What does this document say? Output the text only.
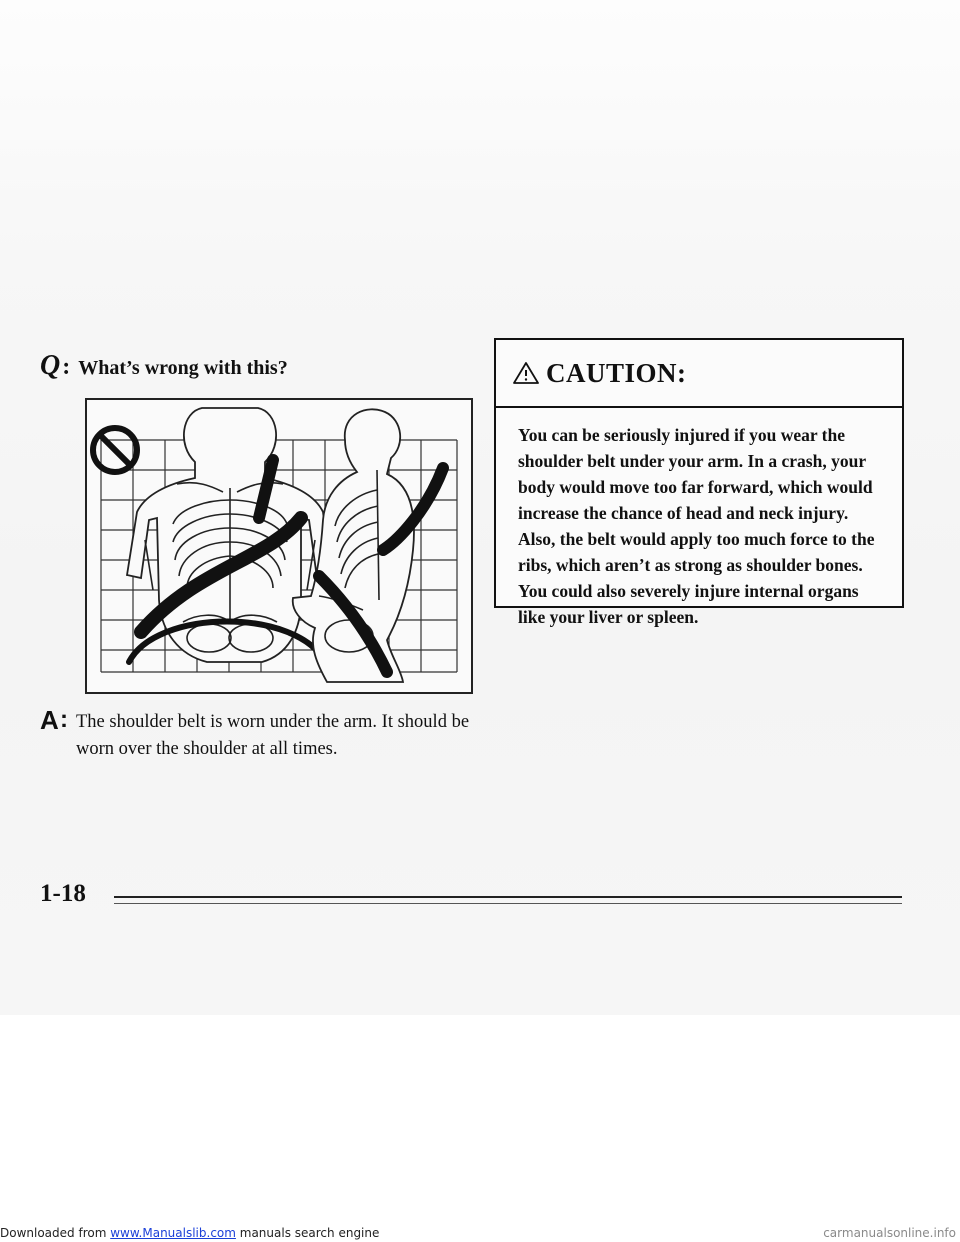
Q : What’s wrong with this?
A : The shoulder belt is worn under the arm. It should be worn over the shoulder at all times.
CAUTION:
You can be seriously injured if you wear the shoulder belt under your arm. In a crash, your body would move too far forward, which would increase the chance of head and neck injury. Also, the belt would apply too much force to the ribs, which aren’t as strong as shoulder bones. You could also severely injure internal organs like your liver or spleen.
1-18
Downloaded from www.Manualslib.com manuals search engine	carmanualsonline.info
